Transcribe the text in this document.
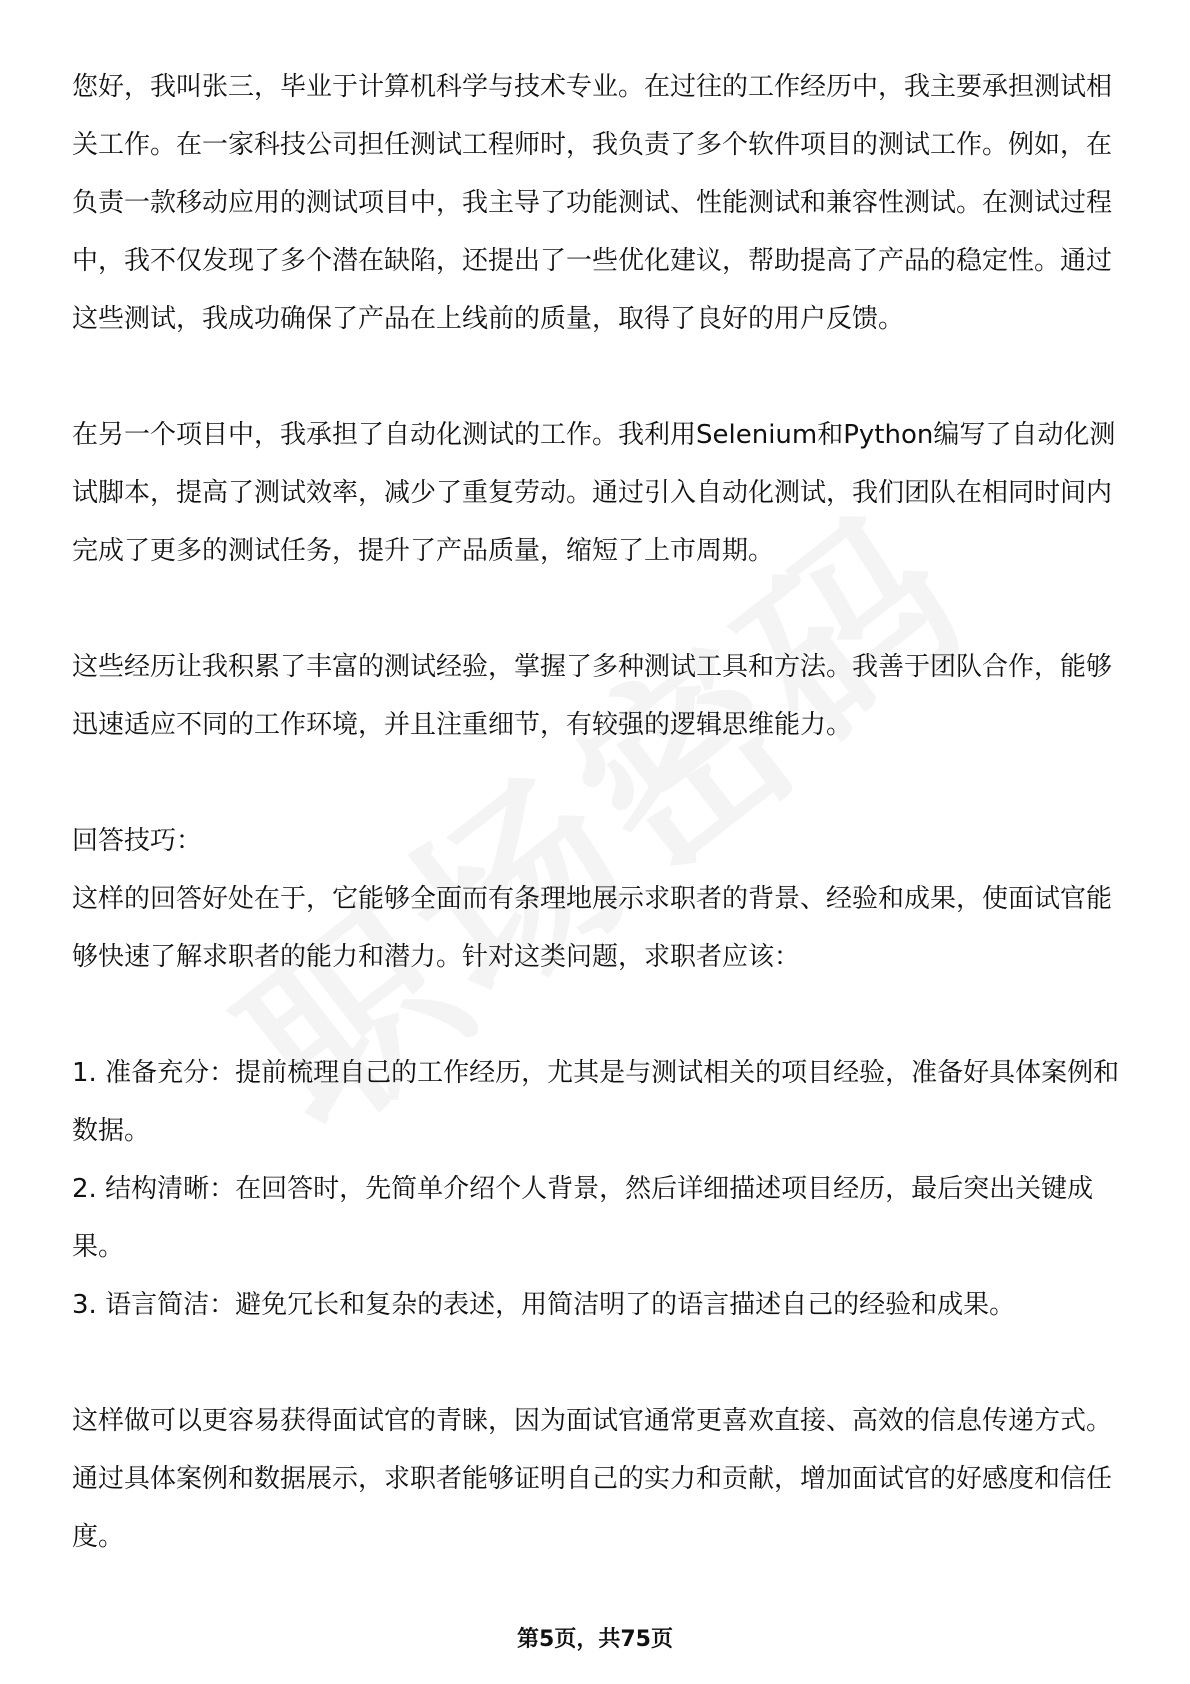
您好，我叫张三，毕业于计算机科学与技术专业。在过往的工作经历中，我主要承担测试相关工作。在一家科技公司担任测试工程师时，我负责了多个软件项目的测试工作。例如，在负责一款移动应用的测试项目中，我主导了功能测试、性能测试和兼容性测试。在测试过程中，我不仅发现了多个潜在缺陷，还提出了一些优化建议，帮助提高了产品的稳定性。通过这些测试，我成功确保了产品在上线前的质量，取得了良好的用户反馈。

在另一个项目中，我承担了自动化测试的工作。我利用Selenium和Python编写了自动化测试脚本，提高了测试效率，减少了重复劳动。通过引入自动化测试，我们团队在相同时间内完成了更多的测试任务，提升了产品质量，缩短了上市周期。

这些经历让我积累了丰富的测试经验，掌握了多种测试工具和方法。我善于团队合作，能够迅速适应不同的工作环境，并且注重细节，有较强的逻辑思维能力。

回答技巧：

这样的回答好处在于，它能够全面而有条理地展示求职者的背景、经验和成果，使面试官能够快速了解求职者的能力和潜力。针对这类问题，求职者应该：

1. 准备充分：提前梳理自己的工作经历，尤其是与测试相关的项目经验，准备好具体案例和数据。

2. 结构清晰：在回答时，先简单介绍个人背景，然后详细描述项目经历，最后突出关键成果。

3. 语言简洁：避免冗长和复杂的表述，用简洁明了的语言描述自己的经验和成果。

这样做可以更容易获得面试官的青睐，因为面试官通常更喜欢直接、高效的信息传递方式。通过具体案例和数据展示，求职者能够证明自己的实力和贡献，增加面试官的好感度和信任度。

第5页，共75页
